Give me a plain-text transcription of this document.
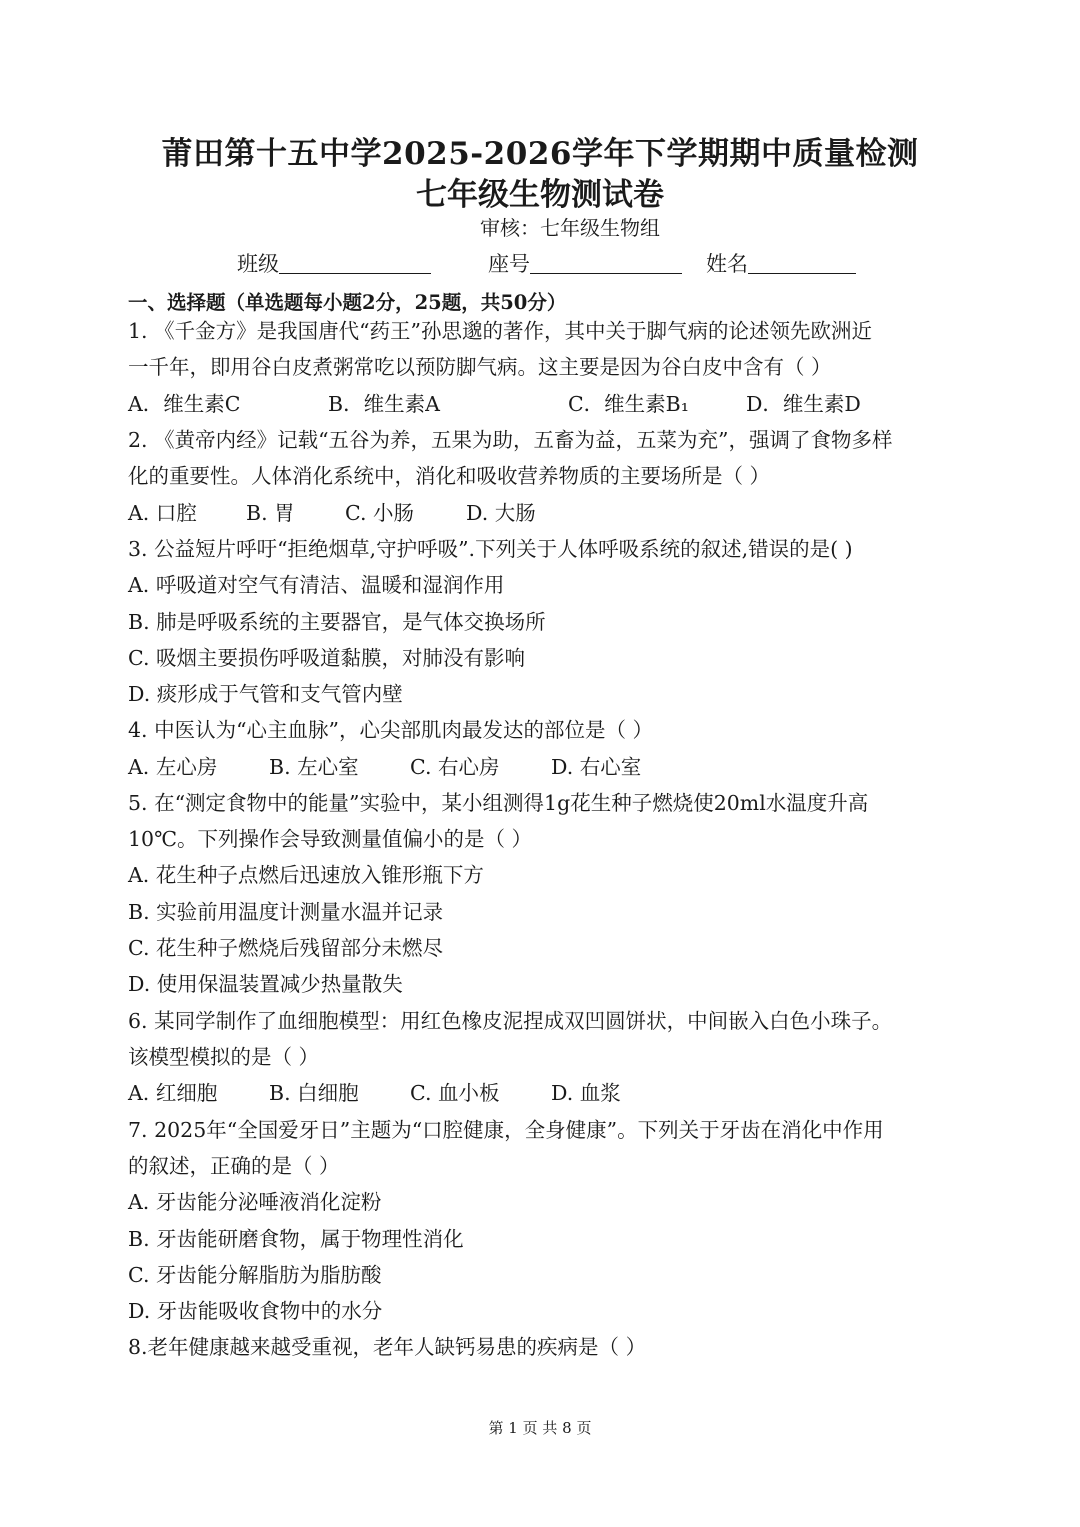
莆田第十五中学2025-2026学年下学期期中质量检测
七年级生物测试卷
审核：七年级生物组
班级	座号	姓名
一、选择题（单选题每小题2分，25题，共50分）
1. 《千金方》是我国唐代“药王”孙思邈的著作，其中关于脚气病的论述领先欧洲近
一千年，即用谷白皮煮粥常吃以预防脚气病。这主要是因为谷白皮中含有（ ）
A．维生素C	B．维生素A	C．维生素B₁	D．维生素D
2. 《黄帝内经》记载“五谷为养，五果为助，五畜为益，五菜为充”，强调了食物多样
化的重要性。人体消化系统中，消化和吸收营养物质的主要场所是（ ）
A. 口腔 B. 胃 C. 小肠	D. 大肠
3. 公益短片呼吁“拒绝烟草,守护呼吸”.下列关于人体呼吸系统的叙述,错误的是( )
A. 呼吸道对空气有清洁、温暖和湿润作用
B. 肺是呼吸系统的主要器官，是气体交换场所
C. 吸烟主要损伤呼吸道黏膜，对肺没有影响
D. 痰形成于气管和支气管内壁
4. 中医认为“心主血脉”，心尖部肌肉最发达的部位是（ ）
A. 左心房	B. 左心室	C. 右心房	D. 右心室
5. 在“测定食物中的能量”实验中，某小组测得1g花生种子燃烧使20ml水温度升高
10℃。下列操作会导致测量值偏小的是（ ）
A. 花生种子点燃后迅速放入锥形瓶下方
B. 实验前用温度计测量水温并记录
C. 花生种子燃烧后残留部分未燃尽
D. 使用保温装置减少热量散失
6. 某同学制作了血细胞模型：用红色橡皮泥捏成双凹圆饼状，中间嵌入白色小珠子。
该模型模拟的是（ ）
A. 红细胞	B. 白细胞	C. 血小板	D. 血浆
7. 2025年“全国爱牙日”主题为“口腔健康，全身健康”。下列关于牙齿在消化中作用
的叙述，正确的是（ ）
A. 牙齿能分泌唾液消化淀粉
B. 牙齿能研磨食物，属于物理性消化
C. 牙齿能分解脂肪为脂肪酸
D. 牙齿能吸收食物中的水分
8.老年健康越来越受重视，老年人缺钙易患的疾病是（ ）
第 1 页 共 8 页
